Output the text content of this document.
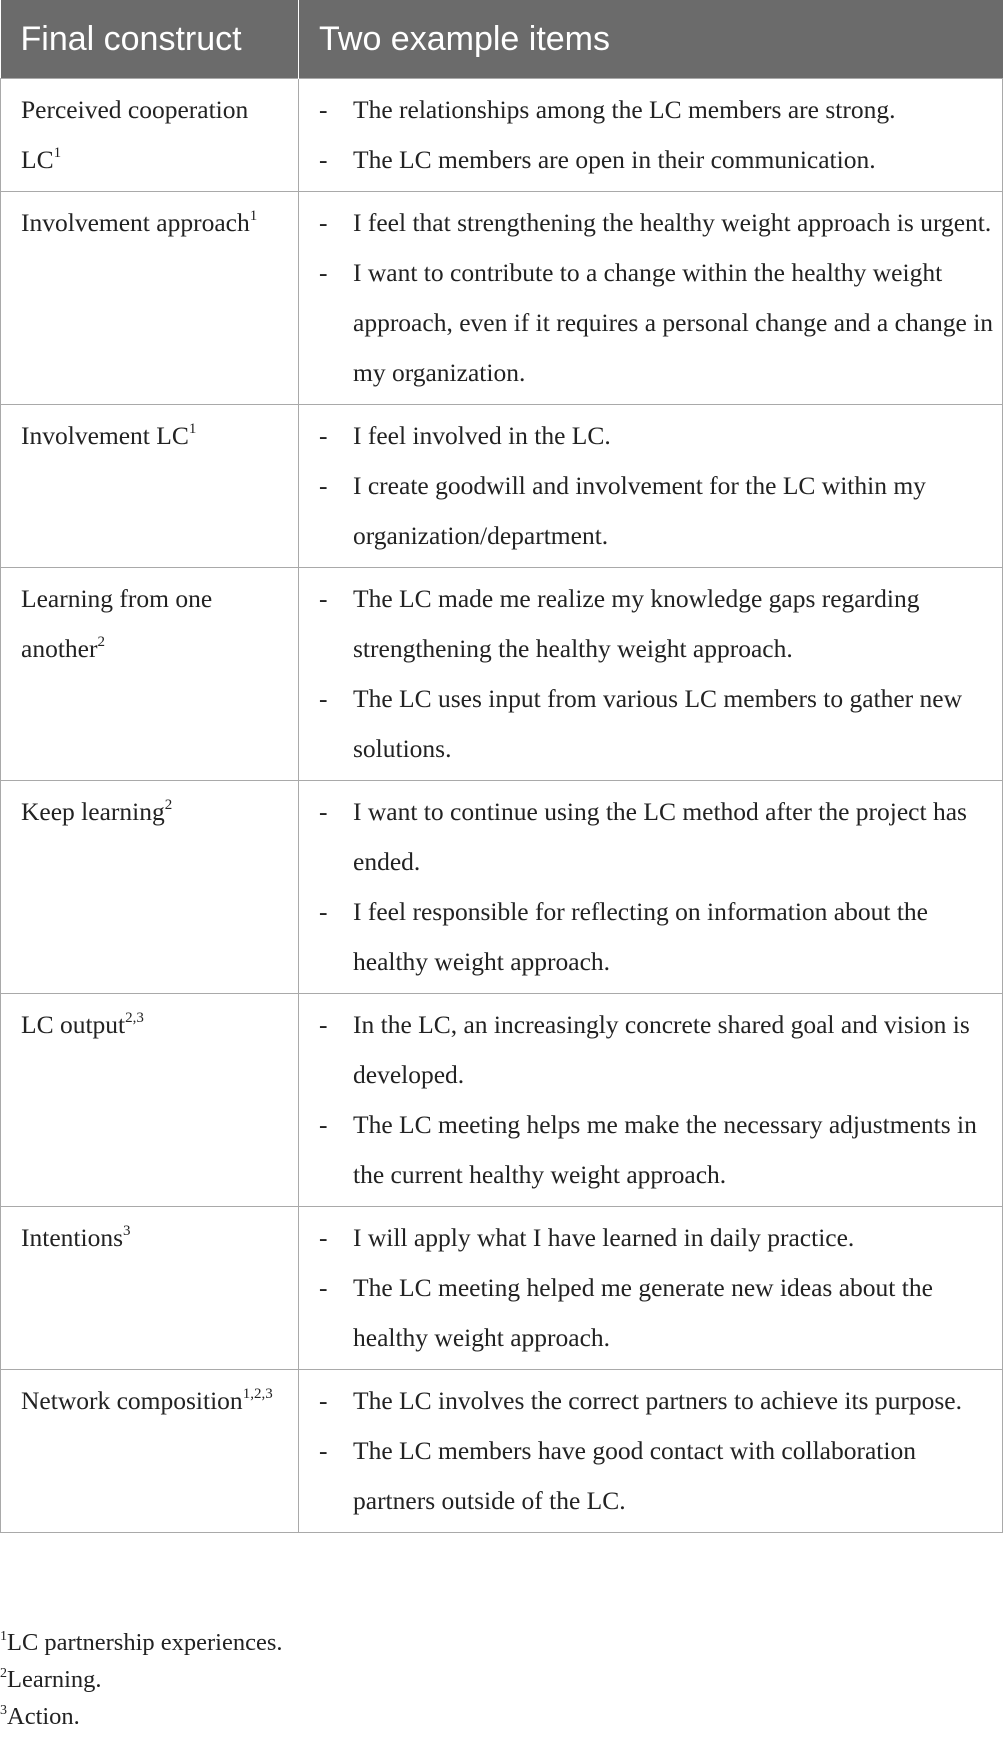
Final construct	Two example items
Perceived cooperation $LC^1$	- The relationships among the LC members are strong.
- The LC members are open in their communication.

Involvement approach$^1$	- I feel that strengthening the healthy weight approach is urgent.
- I want to contribute to a change within the healthy weight approach, even if it requires a personal change and a change in my organization.

Involvement $LC^1$	- I feel involved in the LC.
- I create goodwill and involvement for the LC within my organization/department.

Learning from one another$^2$	- The LC made me realize my knowledge gaps regarding strengthening the healthy weight approach.
- The LC uses input from various LC members to gather new solutions.

Keep learning$^2$	- I want to continue using the LC method after the project has ended.
- I feel responsible for reflecting on information about the healthy weight approach.

LC output$^{2,3}$	- In the LC, an increasingly concrete shared goal and vision is developed.
- The LC meeting helps me make the necessary adjustments in the current healthy weight approach.

Intentions$^3$	- I will apply what I have learned in daily practice.
- The LC meeting helped me generate new ideas about the healthy weight approach.

Network composition$^{1,2,3}$	- The LC involves the correct partners to achieve its purpose.
- The LC members have good contact with collaboration partners outside of the LC.
$^1$LC partnership experiences.
$^2$Learning.
$^3$Action.
